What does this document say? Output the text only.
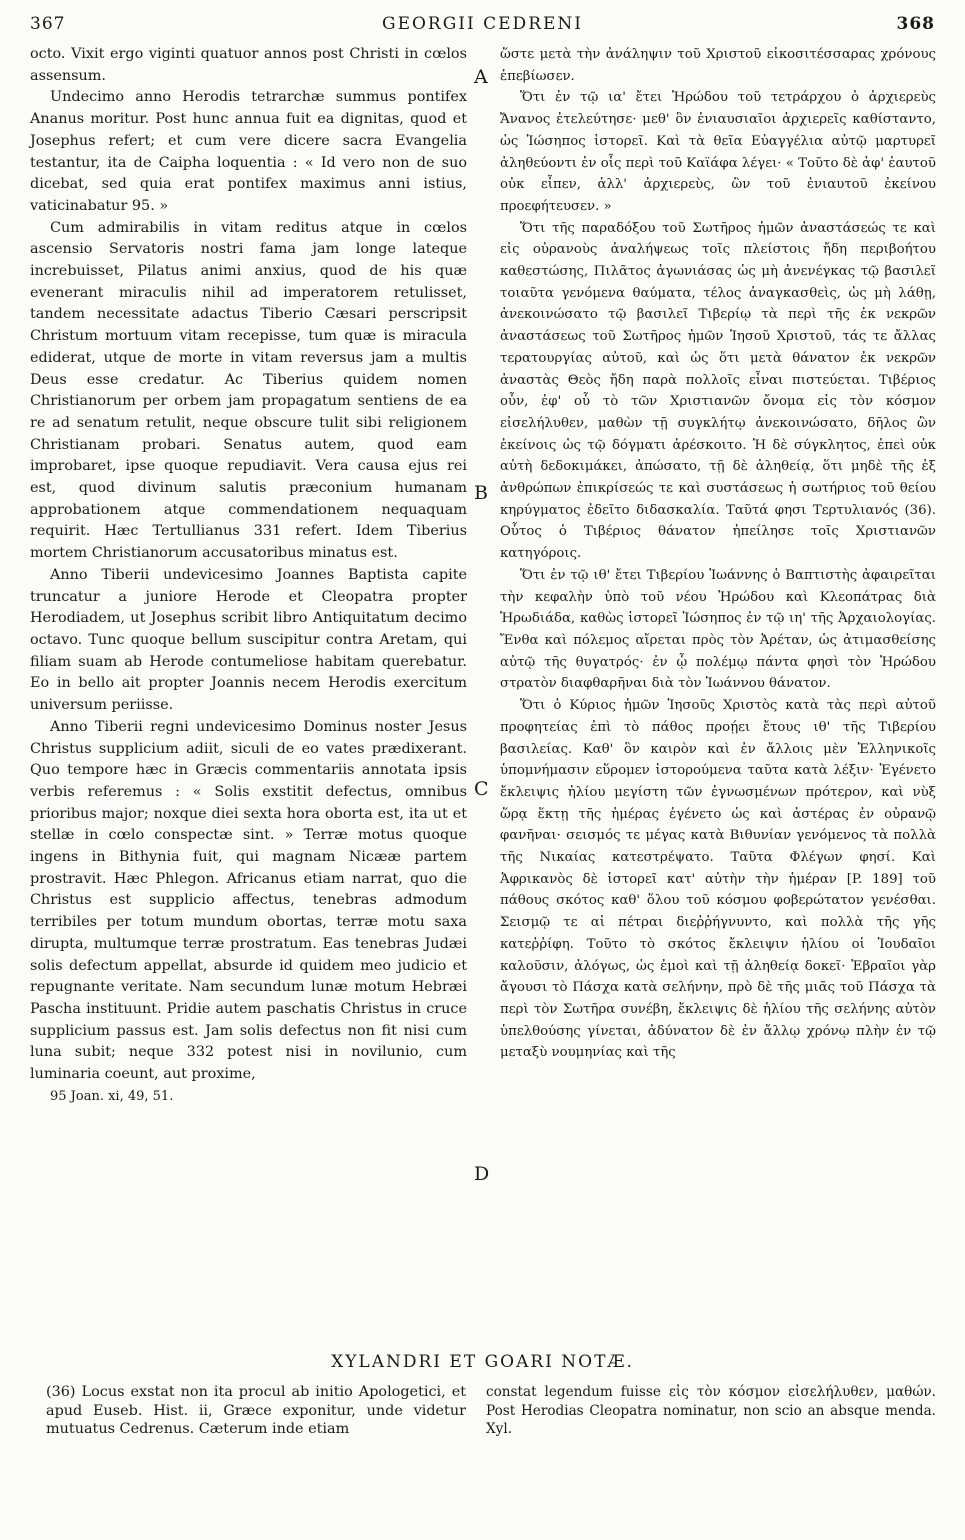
367	GEORGII CEDRENI	368

octo. Vixit ergo viginti quatuor annos post Christi in cœlos assensum.

Undecimo anno Herodis tetrarchæ summus pontifex Ananus moritur. Post hunc annua fuit ea dignitas, quod et Josephus refert; et cum vere dicere sacra Evangelia testantur, ita de Caipha loquentia : « Id vero non de suo dicebat, sed quia erat pontifex maximus anni istius, vaticinabatur 95. »

Cum admirabilis in vitam reditus atque in cœlos ascensio Servatoris nostri fama jam longe lateque increbuisset, Pilatus animi anxius, quod de his quæ evenerant miraculis nihil ad imperatorem retulisset, tandem necessitate adactus Tiberio Cæsari perscripsit Christum mortuum vitam recepisse, tum quæ is miracula ediderat, utque de morte in vitam reversus jam a multis Deus esse credatur. Ac Tiberius quidem nomen Christianorum per orbem jam propagatum sentiens de ea re ad senatum retulit, neque obscure tulit sibi religionem Christianam probari. Senatus autem, quod eam improbaret, ipse quoque repudiavit. Vera causa ejus rei est, quod divinum salutis præconium humanam approbationem atque commendationem nequaquam requirit. Hæc Tertullianus 331 refert. Idem Tiberius mortem Christianorum accusatoribus minatus est.

Anno Tiberii undevicesimo Joannes Baptista capite truncatur a juniore Herode et Cleopatra propter Herodiadem, ut Josephus scribit libro Antiquitatum decimo octavo. Tunc quoque bellum suscipitur contra Aretam, qui filiam suam ab Herode contumeliose habitam querebatur. Eo in bello ait propter Joannis necem Herodis exercitum universum periisse.

Anno Tiberii regni undevicesimo Dominus noster Jesus Christus supplicium adiit, siculi de eo vates prædixerant. Quo tempore hæc in Græcis commentariis annotata ipsis verbis referemus : « Solis exstitit defectus, omnibus prioribus major; noxque diei sexta hora oborta est, ita ut et stellæ in cœlo conspectæ sint. » Terræ motus quoque ingens in Bithynia fuit, qui magnam Nicææ partem prostravit. Hæc Phlegon. Africanus etiam narrat, quo die Christus est supplicio affectus, tenebras admodum terribiles per totum mundum obortas, terræ motu saxa dirupta, multumque terræ prostratum. Eas tenebras Judæi solis defectum appellat, absurde id quidem meo judicio et repugnante veritate. Nam secundum lunæ motum Hebræi Pascha instituunt. Pridie autem paschatis Christus in cruce supplicium passus est. Jam solis defectus non fit nisi cum luna subit; neque 332 potest nisi in novilunio, cum luminaria coeunt, aut proxime,

95 Joan. xi, 49, 51.
A
B
C
D

ὥστε μετὰ τὴν ἀνάληψιν τοῦ Χριστοῦ εἰκοσιτέσσαρας χρόνους ἐπεβίωσεν.

Ὅτι ἐν τῷ ια' ἔτει Ἡρώδου τοῦ τετράρχου ὁ ἀρχιερεὺς Ἄνανος ἐτελεύτησε· μεθ' ὃν ἐνιαυσιαῖοι ἀρχιερεῖς καθίσταντο, ὡς Ἰώσηπος ἱστορεῖ. Καὶ τὰ θεῖα Εὐαγγέλια αὐτῷ μαρτυρεῖ ἀληθεύοντι ἐν οἷς περὶ τοῦ Καϊάφα λέγει· « Τοῦτο δὲ ἀφ' ἑαυτοῦ οὐκ εἶπεν, ἀλλ' ἀρχιερεὺς, ὢν τοῦ ἐνιαυτοῦ ἐκείνου προεφήτευσεν. »

Ὅτι τῆς παραδόξου τοῦ Σωτῆρος ἡμῶν ἀναστάσεώς τε καὶ εἰς οὐρανοὺς ἀναλήψεως τοῖς πλείστοις ἤδη περιβοήτου καθεστώσης, Πιλᾶτος ἀγωνιάσας ὡς μὴ ἀνενέγκας τῷ βασιλεῖ τοιαῦτα γενόμενα θαύματα, τέλος ἀναγκασθεὶς, ὡς μὴ λάθῃ, ἀνεκοινώσατο τῷ βασιλεῖ Τιβερίῳ τὰ περὶ τῆς ἐκ νεκρῶν ἀναστάσεως τοῦ Σωτῆρος ἡμῶν Ἰησοῦ Χριστοῦ, τάς τε ἄλλας τερατουργίας αὐτοῦ, καὶ ὡς ὅτι μετὰ θάνατον ἐκ νεκρῶν ἀναστὰς Θεὸς ἤδη παρὰ πολλοῖς εἶναι πιστεύεται. Τιβέριος οὖν, ἐφ' οὗ τὸ τῶν Χριστιανῶν ὄνομα εἰς τὸν κόσμον εἰσελήλυθεν, μαθὼν τῇ συγκλήτῳ ἀνεκοινώσατο, δῆλος ὢν ἐκείνοις ὡς τῷ δόγματι ἀρέσκοιτο. Ἡ δὲ σύγκλητος, ἐπεὶ οὐκ αὐτὴ δεδοκιμάκει, ἀπώσατο, τῇ δὲ ἀληθείᾳ, ὅτι μηδὲ τῆς ἐξ ἀνθρώπων ἐπικρίσεώς τε καὶ συστάσεως ἡ σωτήριος τοῦ θείου κηρύγματος ἐδεῖτο διδασκαλία. Ταῦτά φησι Τερτυλιανός (36). Οὗτος ὁ Τιβέριος θάνατον ἠπείλησε τοῖς Χριστιανῶν κατηγόροις.

Ὅτι ἐν τῷ ιθ' ἔτει Τιβερίου Ἰωάννης ὁ Βαπτιστὴς ἀφαιρεῖται τὴν κεφαλὴν ὑπὸ τοῦ νέου Ἡρώδου καὶ Κλεοπάτρας διὰ Ἡρωδιάδα, καθὼς ἱστορεῖ Ἰώσηπος ἐν τῷ ιη' τῆς Ἀρχαιολογίας. Ἔνθα καὶ πόλεμος αἴρεται πρὸς τὸν Ἀρέταν, ὡς ἀτιμασθείσης αὐτῷ τῆς θυγατρός· ἐν ᾧ πολέμῳ πάντα φησὶ τὸν Ἡρώδου στρατὸν διαφθαρῆναι διὰ τὸν Ἰωάννου θάνατον.

Ὅτι ὁ Κύριος ἡμῶν Ἰησοῦς Χριστὸς κατὰ τὰς περὶ αὐτοῦ προφητείας ἐπὶ τὸ πάθος προῄει ἔτους ιθ' τῆς Τιβερίου βασιλείας. Καθ' ὃν καιρὸν καὶ ἐν ἄλλοις μὲν Ἑλληνικοῖς ὑπομνήμασιν εὕρομεν ἱστορούμενα ταῦτα κατὰ λέξιν· Ἐγένετο ἔκλειψις ἡλίου μεγίστη τῶν ἐγνωσμένων πρότερον, καὶ νὺξ ὥρᾳ ἕκτῃ τῆς ἡμέρας ἐγένετο ὡς καὶ ἀστέρας ἐν οὐρανῷ φανῆναι· σεισμός τε μέγας κατὰ Βιθυνίαν γενόμενος τὰ πολλὰ τῆς Νικαίας κατεστρέψατο. Ταῦτα Φλέγων φησί. Καὶ Ἀφρικανὸς δὲ ἱστορεῖ κατ' αὐτὴν τὴν ἡμέραν [P. 189] τοῦ πάθους σκότος καθ' ὅλου τοῦ κόσμου φοβερώτατον γενέσθαι. Σεισμῷ τε αἱ πέτραι διεῤῥήγνυντο, καὶ πολλὰ τῆς γῆς κατεῤῥίφη. Τοῦτο τὸ σκότος ἔκλειψιν ἡλίου οἱ Ἰουδαῖοι καλοῦσιν, ἀλόγως, ὡς ἐμοὶ καὶ τῇ ἀληθείᾳ δοκεῖ· Ἑβραῖοι γὰρ ἄγουσι τὸ Πάσχα κατὰ σελήνην, πρὸ δὲ τῆς μιᾶς τοῦ Πάσχα τὰ περὶ τὸν Σωτῆρα συνέβη, ἔκλειψις δὲ ἡλίου τῆς σελήνης αὐτὸν ὑπελθούσης γίνεται, ἀδύνατον δὲ ἐν ἄλλῳ χρόνῳ πλὴν ἐν τῷ μεταξὺ νουμηνίας καὶ τῆς

XYLANDRI ET GOARI NOTÆ.

(36) Locus exstat non ita procul ab initio Apologetici, et apud Euseb. Hist. ii, Græce exponitur, unde videtur mutuatus Cedrenus. Cæterum inde etiam

constat legendum fuisse εἰς τὸν κόσμον εἰσελήλυθεν, μαθών. Post Herodias Cleopatra nominatur, non scio an absque menda. Xyl.
